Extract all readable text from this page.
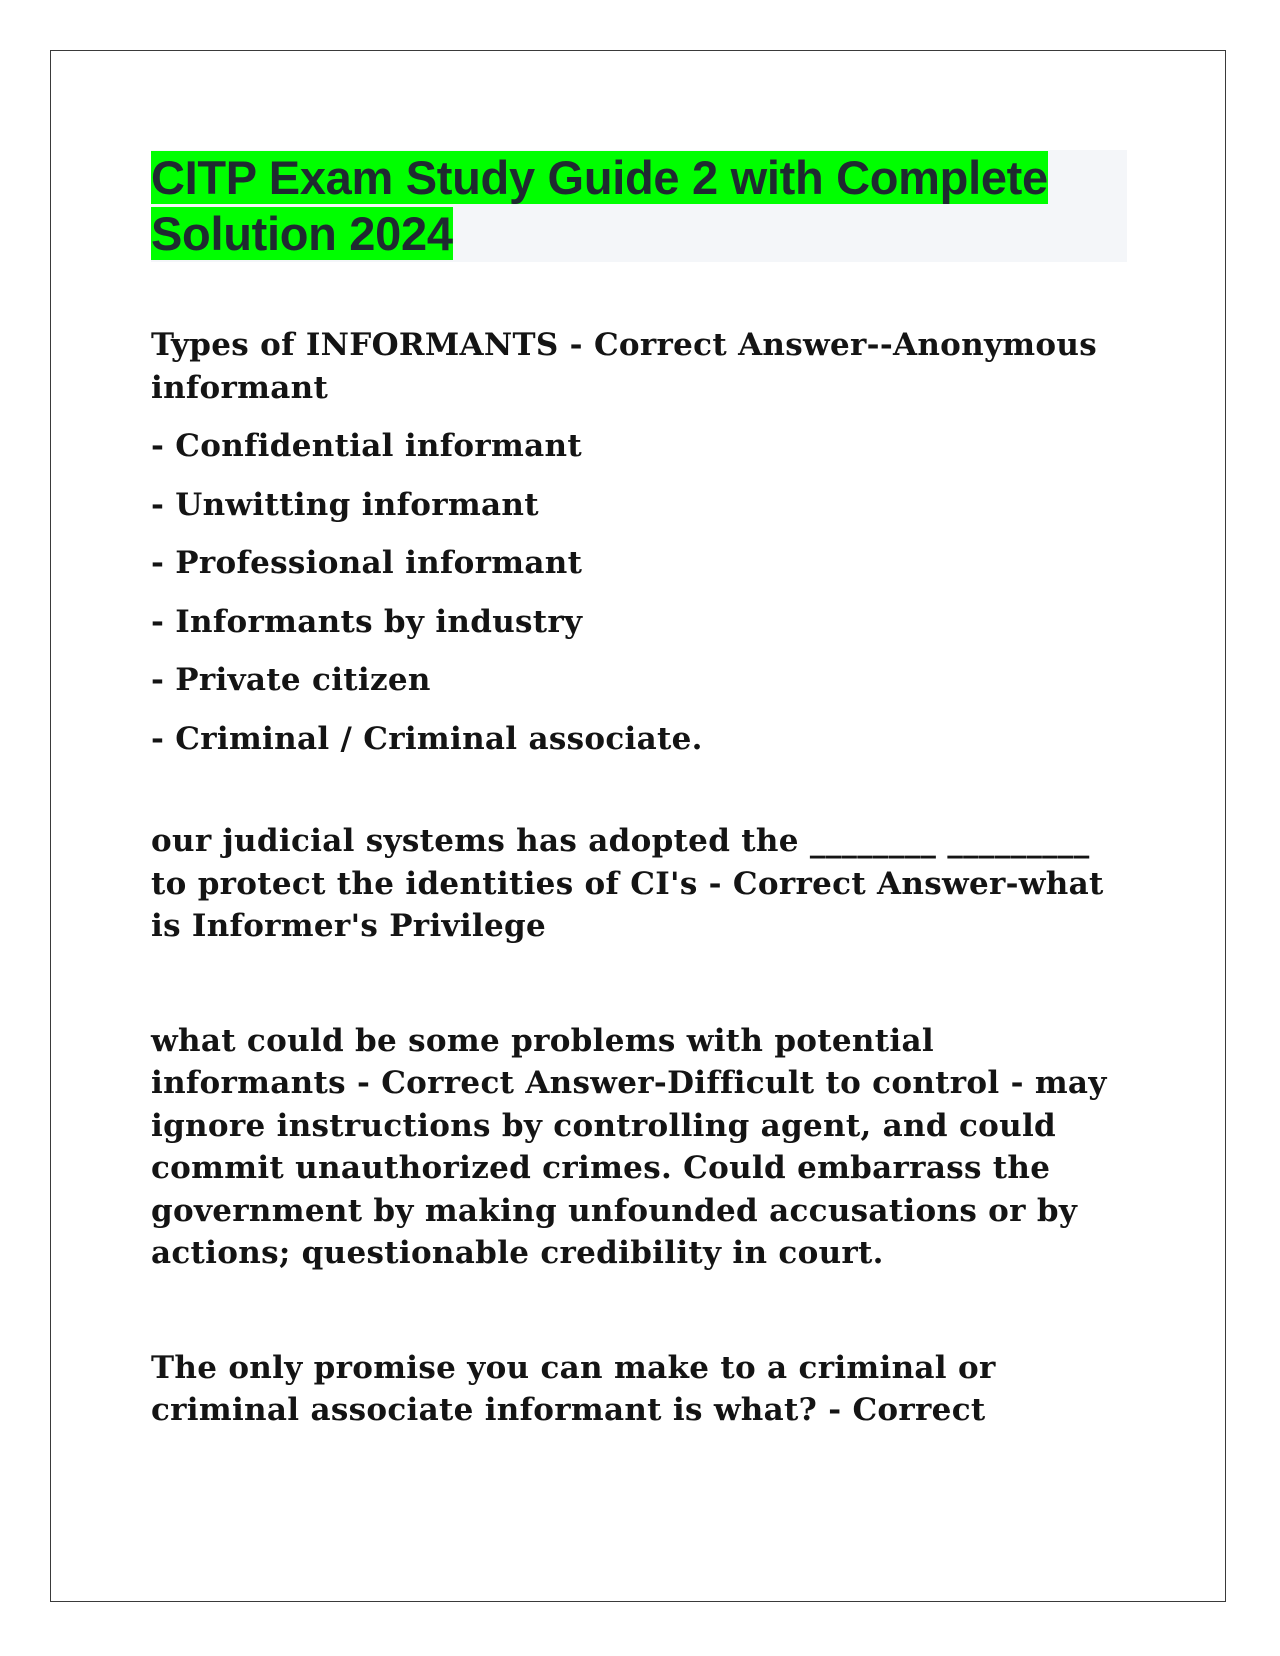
CITP Exam Study Guide 2 with Complete Solution 2024

Types of INFORMANTS - Correct Answer--Anonymous informant

- Confidential informant
- Unwitting informant
- Professional informant
- Informants by industry
- Private citizen
- Criminal / Criminal associate.

our judicial systems has adopted the ________ _________ to protect the identities of CI's - Correct Answer-what is Informer's Privilege

what could be some problems with potential informants - Correct Answer-Difficult to control - may ignore instructions by controlling agent, and could commit unauthorized crimes. Could embarrass the government by making unfounded accusations or by actions; questionable credibility in court.

The only promise you can make to a criminal or criminal associate informant is what? - Correct
